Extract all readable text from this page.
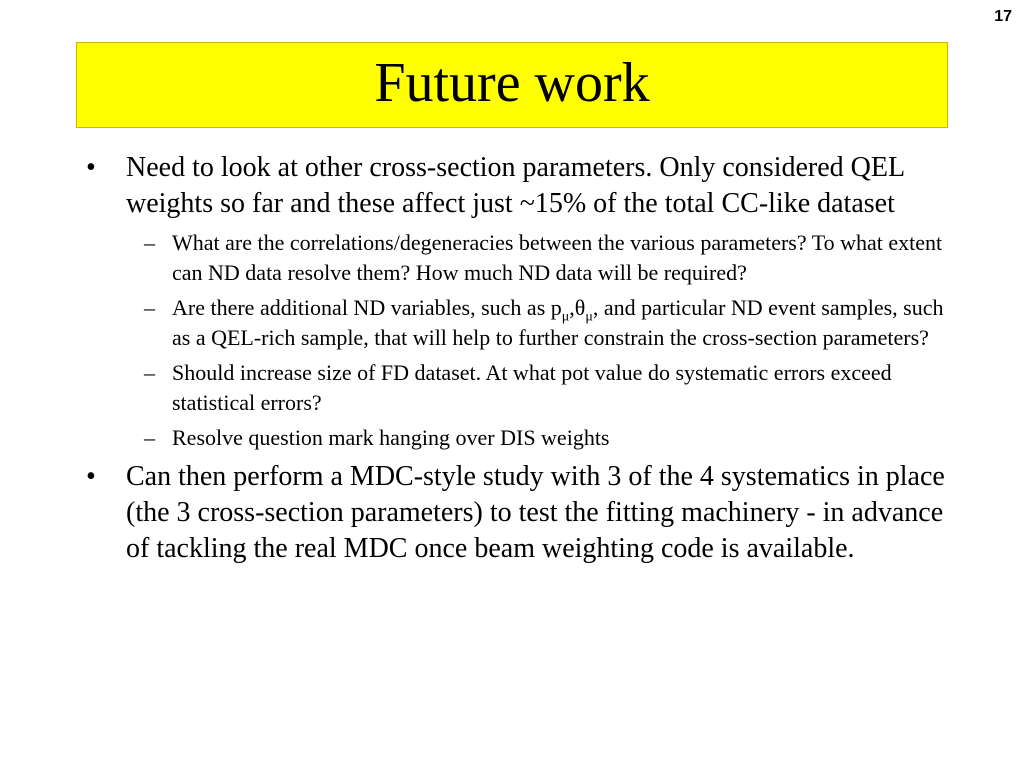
17
Future work
• Need to look at other cross-section parameters. Only considered QEL weights so far and these affect just ~15% of the total CC-like dataset
– What are the correlations/degeneracies between the various parameters? To what extent can ND data resolve them? How much ND data will be required?
– Are there additional ND variables, such as $p_\mu,\theta_\mu$, and particular ND event samples, such as a QEL-rich sample, that will help to further constrain the cross-section parameters?
– Should increase size of FD dataset. At what pot value do systematic errors exceed statistical errors?
– Resolve question mark hanging over DIS weights
• Can then perform a MDC-style study with 3 of the 4 systematics in place (the 3 cross-section parameters) to test the fitting machinery - in advance of tackling the real MDC once beam weighting code is available.
